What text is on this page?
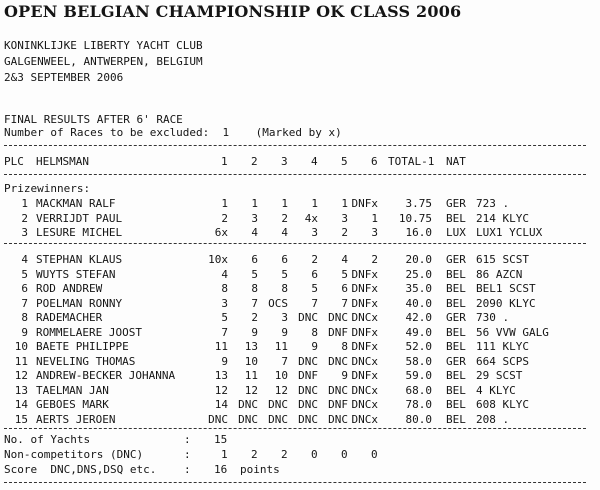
OPEN BELGIAN CHAMPIONSHIP OK CLASS 2006
KONINKLIJKE LIBERTY YACHT CLUB
GALGENWEEL, ANTWERPEN, BELGIUM
2&3 SEPTEMBER 2006
FINAL RESULTS AFTER 6' RACE
Number of Races to be excluded:  1    (Marked by x)
PLC HELMSMAN	1 2 3 4 5 6 TOTAL-1 NAT
Prizewinners:
1 MACKMAN RALF	1 1 1 1 1 DNFx	3.75 GER 723 .
2 VERRIJDT PAUL	2 3 2 4x 3 1 10.75 BEL 214 KLYC
3 LESURE MICHEL	6x 4 4 3 2 3	16.0 LUX LUX1 YCLUX
4 STEPHAN KLAUS	10x 6 6 2 4 2	20.0 GER 615 SCST
5 WUYTS STEFAN	4 5 5 6 5 DNFx	25.0 BEL 86 AZCN
6 ROD ANDREW	8 8 8 5 6 DNFx	35.0 BEL BEL1 SCST
7 POELMAN RONNY	3 7 OCS 7 7 DNFx	40.0 BEL 2090 KLYC
8 RADEMACHER	5 2 3 DNC DNC DNCx	42.0 GER 730 .
9 ROMMELAERE JOOST	7 9 9 8 DNF DNFx	49.0 BEL 56 VVW GALG
10 BAETE PHILIPPE	11 13 11 9 8 DNFx	52.0 BEL 111 KLYC
11 NEVELING THOMAS	9 10 7 DNC DNC DNCx	58.0 GER 664 SCPS
12 ANDREW-BECKER JOHANNA	13 11 10 DNF 9 DNFx	59.0 BEL 29 SCST
13 TAELMAN JAN	12 12 12 DNC DNC DNCx	68.0 BEL 4 KLYC
14 GEBOES MARK	14 DNC DNC DNC DNF DNCx	78.0 BEL 608 KLYC
15 AERTS JEROEN	DNC DNC DNC DNC DNC DNCx	80.0 BEL 208 .
No. of Yachts	: 15
Non-competitors (DNC)	:	1 2 2 0 0 0
Score  DNC,DNS,DSQ etc.	: 16 points
